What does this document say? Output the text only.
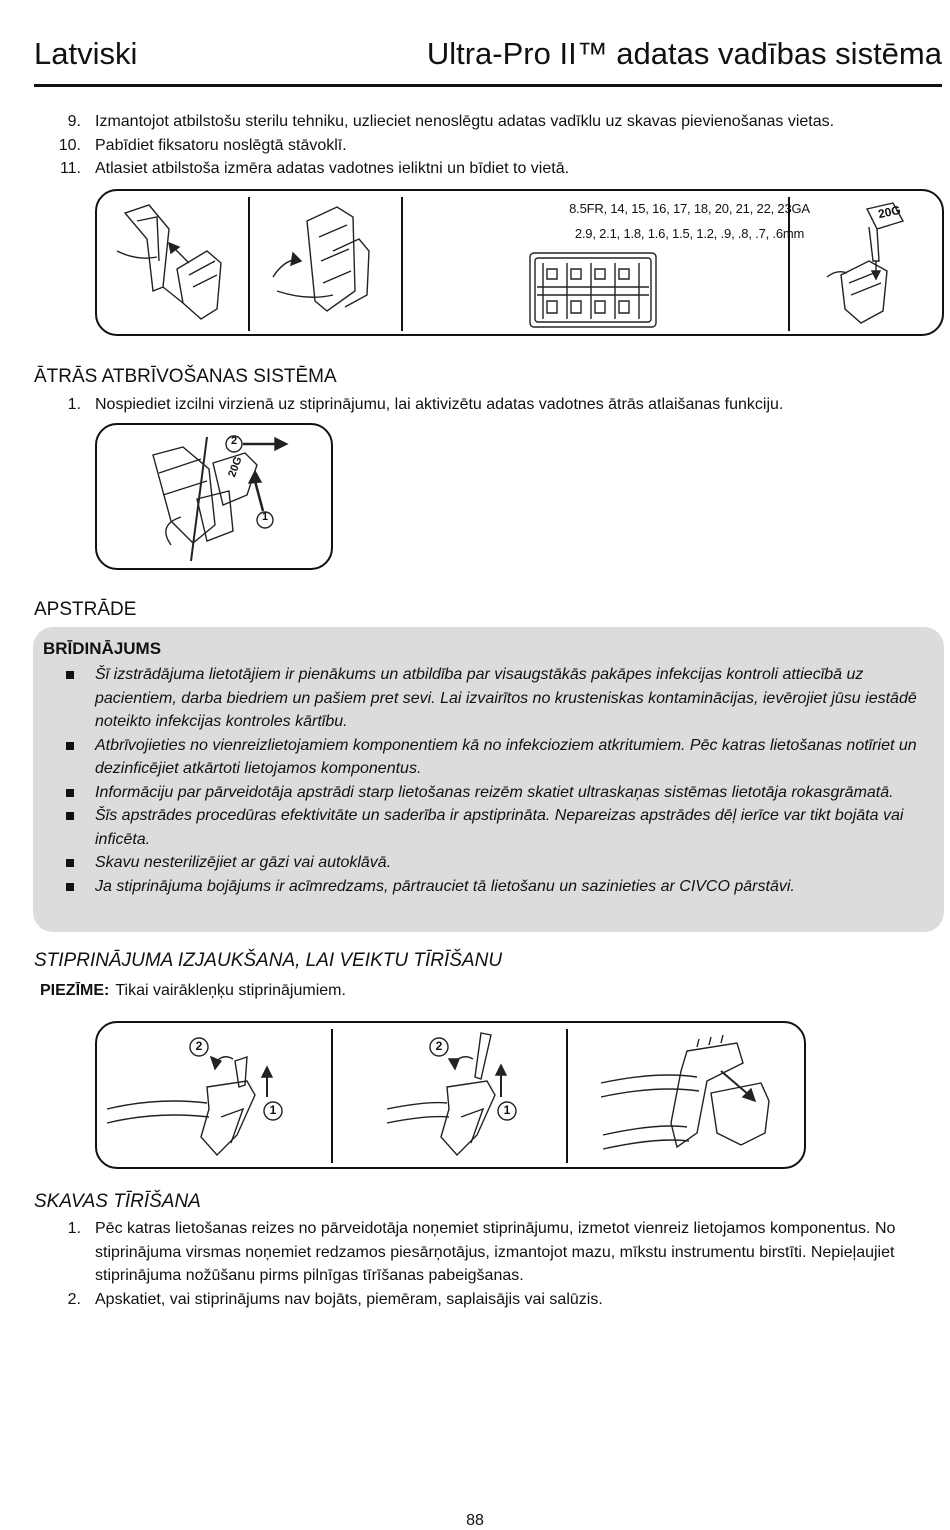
Latviski	Ultra-Pro II™ adatas vadības sistēma
9. Izmantojot atbilstošu sterilu tehniku, uzlieciet nenoslēgtu adatas vadīklu uz skavas pievienošanas vietas.
10. Pabīdiet fiksatoru noslēgtā stāvoklī.
11. Atlasiet atbilstoša izmēra adatas vadotnes ieliktni un bīdiet to vietā.
8.5FR, 14, 15, 16, 17, 18, 20, 21, 22, 23GA
2.9, 2.1, 1.8, 1.6, 1.5, 1.2, .9, .8, .7, .6mm
20G
ĀTRĀS ATBRĪVOŠANAS SISTĒMA
1. Nospiediet izcilni virzienā uz stiprinājumu, lai aktivizētu adatas vadotnes ātrās atlaišanas funkciju.
2
1
20G
APSTRĀDE
BRĪDINĀJUMS
Šī izstrādājuma lietotājiem ir pienākums un atbildība par visaugstākās pakāpes infekcijas kontroli attiecībā uz pacientiem, darba biedriem un pašiem pret sevi. Lai izvairītos no krusteniskas kontaminācijas, ievērojiet jūsu iestādē noteikto infekcijas kontroles kārtību.
Atbrīvojieties no vienreizlietojamiem komponentiem kā no infekcioziem atkritumiem. Pēc katras lietošanas notīriet un dezinficējiet atkārtoti lietojamos komponentus.
Informāciju par pārveidotāja apstrādi starp lietošanas reizēm skatiet ultraskaņas sistēmas lietotāja rokasgrāmatā.
Šīs apstrādes procedūras efektivitāte un saderība ir apstiprināta. Nepareizas apstrādes dēļ ierīce var tikt bojāta vai inficēta.
Skavu nesterilizējiet ar gāzi vai autoklāvā.
Ja stiprinājuma bojājums ir acīmredzams, pārtrauciet tā lietošanu un sazinieties ar CIVCO pārstāvi.
STIPRINĀJUMA IZJAUKŠANA, LAI VEIKTU TĪRĪŠANU
PIEZĪME: Tikai vairākleņķu stiprinājumiem.
2
1
2
1
SKAVAS TĪRĪŠANA
1. Pēc katras lietošanas reizes no pārveidotāja noņemiet stiprinājumu, izmetot vienreiz lietojamos komponentus. No stiprinājuma virsmas noņemiet redzamos piesārņotājus, izmantojot mazu, mīkstu instrumentu birstīti. Nepieļaujiet stiprinājuma nožūšanu pirms pilnīgas tīrīšanas pabeigšanas.
2. Apskatiet, vai stiprinājums nav bojāts, piemēram, saplaisājis vai salūzis.
88
